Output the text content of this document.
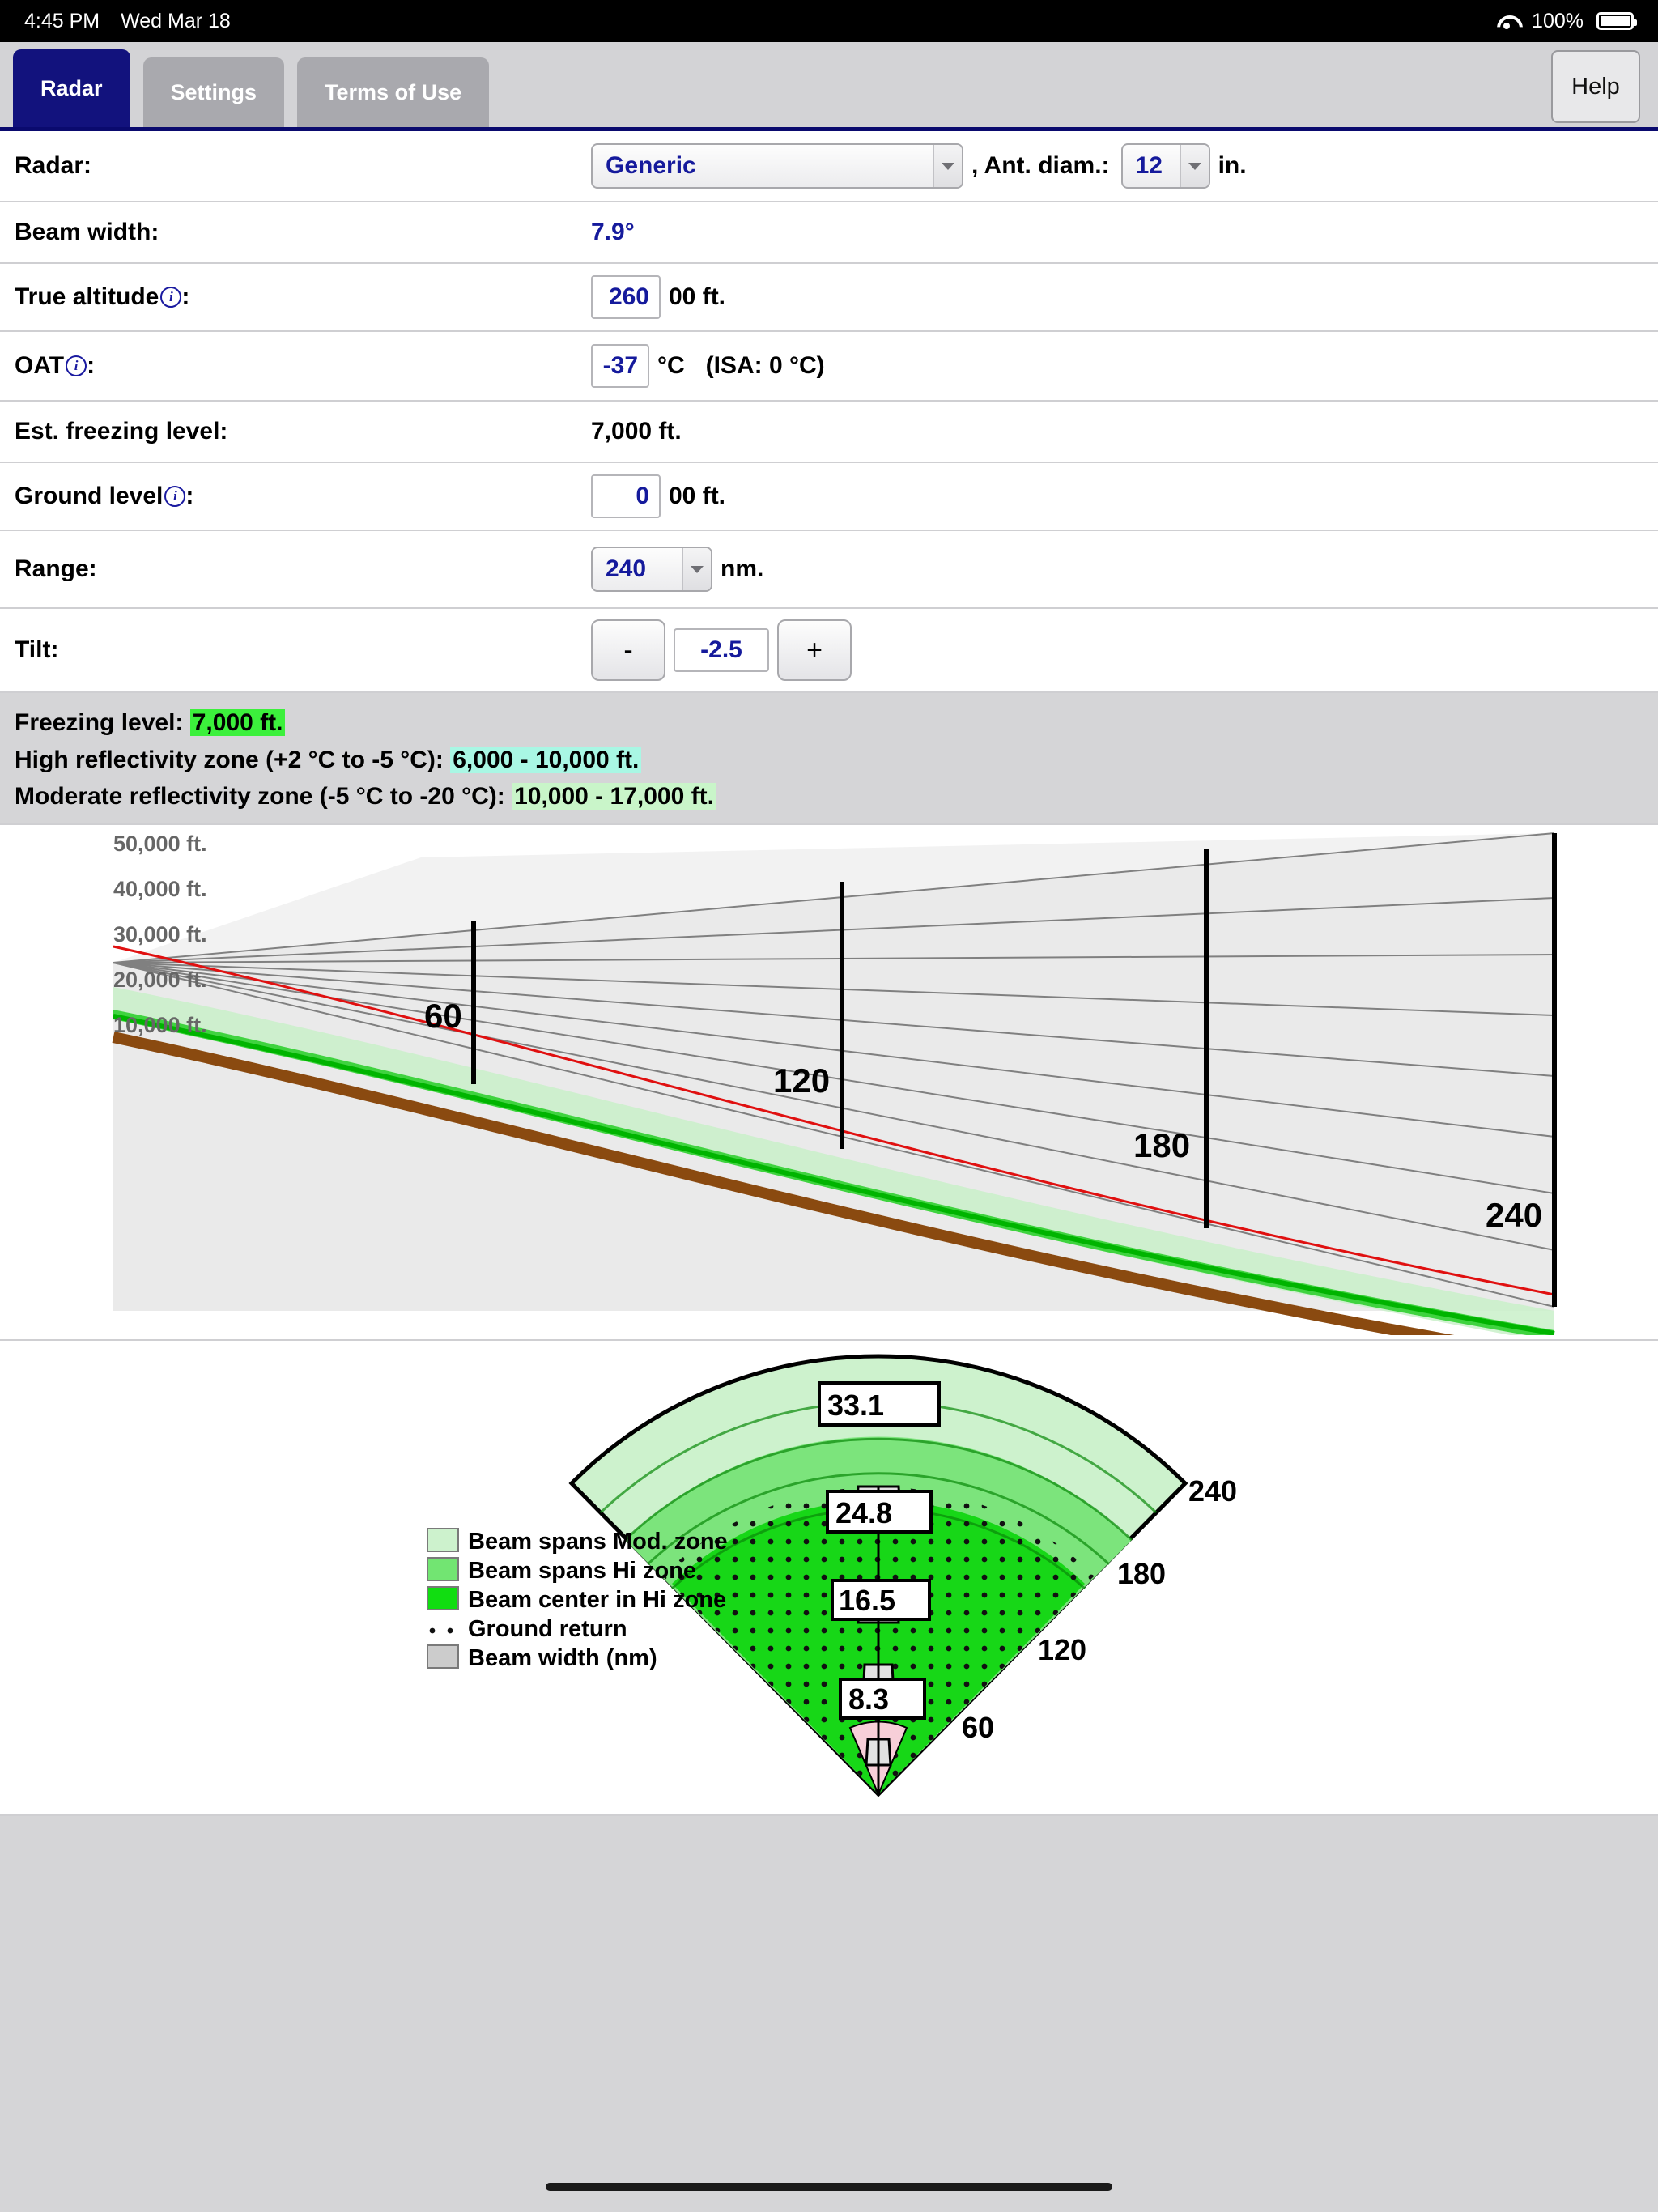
4:45 PM Wed Mar 18	100%
Radar	Settings	Terms of Use	Help
Radar:	Generic	, Ant. diam.: 12 in.
Beam width:	7.9°
True altitude i :	260 00 ft.
OAT i :	-37 °C (ISA: 0 °C)
Est. freezing level:	7,000 ft.
Ground level i :	0 00 ft.
Range:	240	nm.
Tilt:	-	-2.5	+
Freezing level: 7,000 ft.
High reflectivity zone (+2 °C to -5 °C): 6,000 - 10,000 ft.
Moderate reflectivity zone (-5 °C to -20 °C): 10,000 - 17,000 ft.
50,000 ft.
40,000 ft.
30,000 ft.
20,000 ft.
10,000 ft.	60
120
180
240
33.1
24.8
16.5
8.3
240
180
120
60
Beam spans Mod. zone
Beam spans Hi zone
Beam center in Hi zone
Ground return
Beam width (nm)
